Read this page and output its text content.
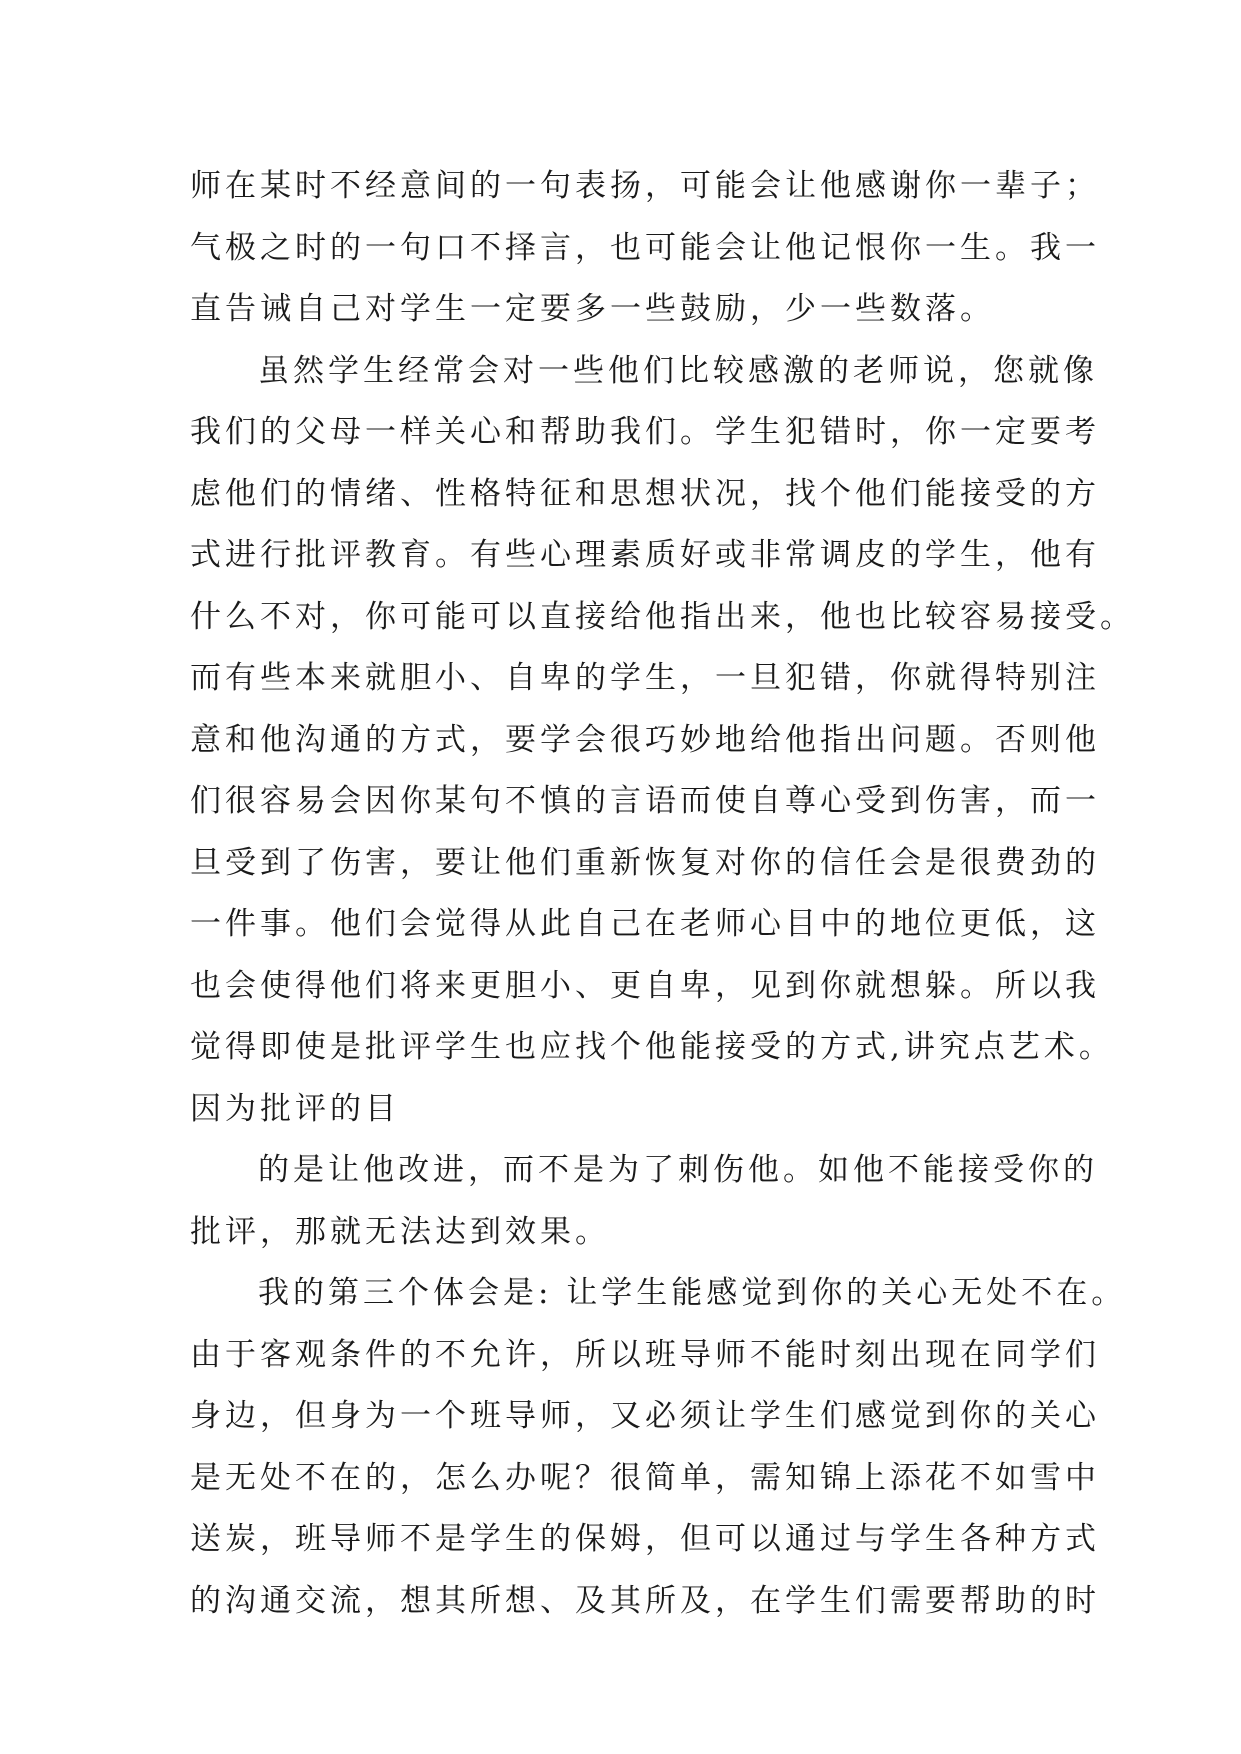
师在某时不经意间的一句表扬，可能会让他感谢你一辈子；
气极之时的一句口不择言，也可能会让他记恨你一生。我一
直告诫自己对学生一定要多一些鼓励，少一些数落。
虽然学生经常会对一些他们比较感激的老师说，您就像
我们的父母一样关心和帮助我们。学生犯错时，你一定要考
虑他们的情绪、性格特征和思想状况，找个他们能接受的方
式进行批评教育。有些心理素质好或非常调皮的学生，他有
什么不对，你可能可以直接给他指出来，他也比较容易接受。
而有些本来就胆小、自卑的学生，一旦犯错，你就得特别注
意和他沟通的方式，要学会很巧妙地给他指出问题。否则他
们很容易会因你某句不慎的言语而使自尊心受到伤害，而一
旦受到了伤害，要让他们重新恢复对你的信任会是很费劲的
一件事。他们会觉得从此自己在老师心目中的地位更低，这
也会使得他们将来更胆小、更自卑，见到你就想躲。所以我
觉得即使是批评学生也应找个他能接受的方式,讲究点艺术。
因为批评的目
的是让他改进，而不是为了刺伤他。如他不能接受你的
批评，那就无法达到效果。
我的第三个体会是: 让学生能感觉到你的关心无处不在。
由于客观条件的不允许，所以班导师不能时刻出现在同学们
身边，但身为一个班导师，又必须让学生们感觉到你的关心
是无处不在的，怎么办呢？很简单，需知锦上添花不如雪中
送炭，班导师不是学生的保姆，但可以通过与学生各种方式
的沟通交流，想其所想、及其所及，在学生们需要帮助的时
